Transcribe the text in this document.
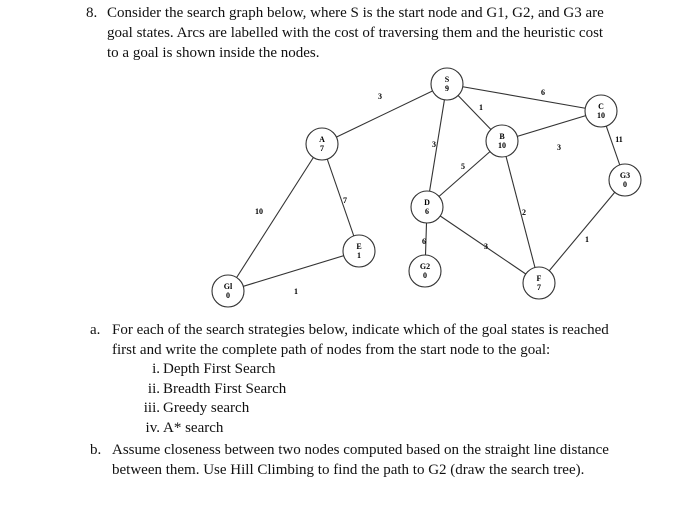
8. Consider the search graph below, where S is the start node and G1, G2, and G3 are goal states. Arcs are labelled with the cost of traversing them and the heuristic cost to a goal is shown inside the nodes.
3	6
1
3	3
11
5
10
7
6
3
2
1
1
S
9
A
7
B
10
C
10
G3
0
D
6
E
1
G2
0
Gl
0
F
7
a. For each of the search strategies below, indicate which of the goal states is reached first and write the complete path of nodes from the start node to the goal:
i. Depth First Search
ii. Breadth First Search
iii. Greedy search
iv. A* search
b. Assume closeness between two nodes computed based on the straight line distance between them. Use Hill Climbing to find the path to G2 (draw the search tree).
